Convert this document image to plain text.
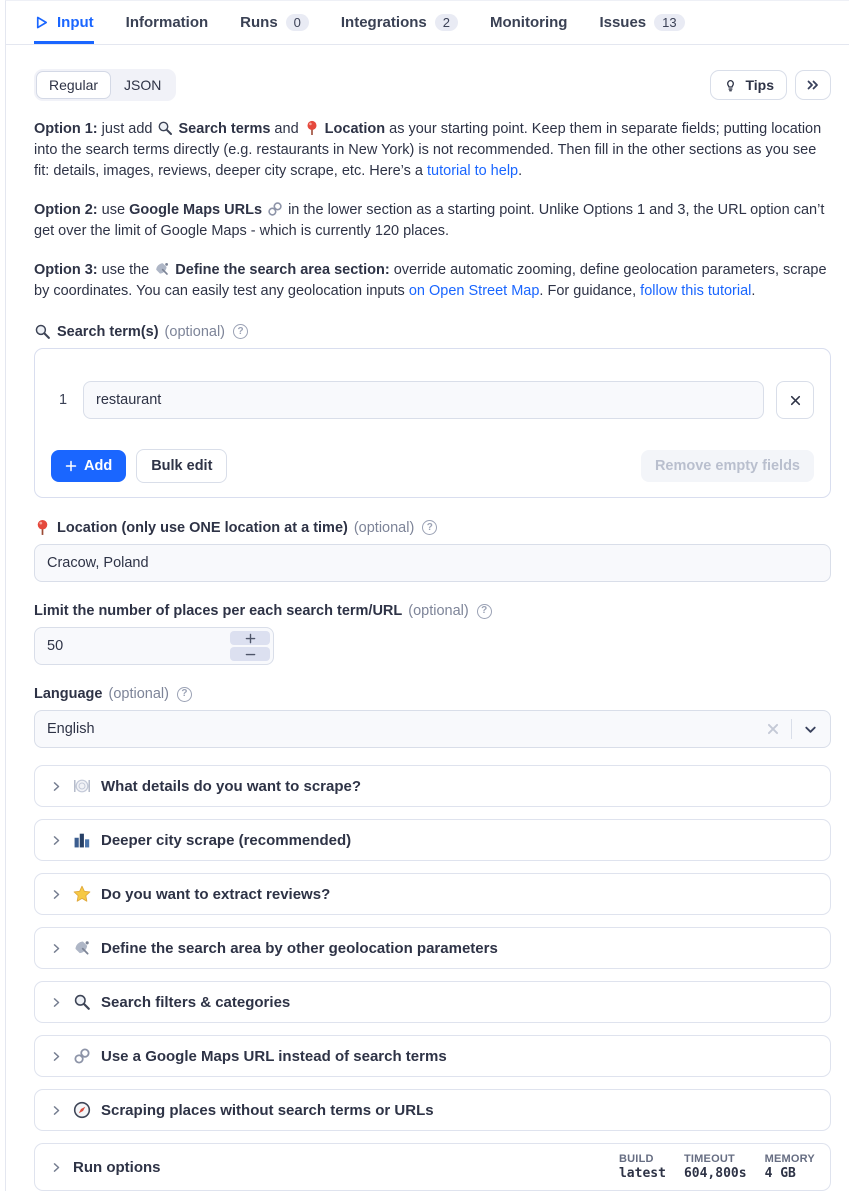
Input Information Runs	0	Integrations	2	Monitoring Issues	13
Regular	JSON	Tips

Option 1: just add
Search terms and
Location as your starting point. Keep them in separate fields; putting location into the search terms directly (e.g. restaurants in New York) is not recommended. Then fill in the other sections as you see fit: details, images, reviews, deeper city scrape, etc. Here’s a tutorial to help.

Option 2: use Google Maps URLs
in the lower section as a starting point. Unlike Options 1 and 3, the URL option can’t get over the limit of Google Maps - which is currently 120 places.

Option 3: use the
Define the search area section: override automatic zooming, define geolocation parameters, scrape by coordinates. You can easily test any geolocation inputs on Open Street Map. For guidance, follow this tutorial.

Search term(s) (optional)	?
1
restaurant
Add	Bulk edit	Remove empty fields
Location (only use ONE location at a time) (optional)	?
Cracow, Poland
Limit the number of places per each search term/URL (optional)	?
50
Language (optional)	?
English
What details do you want to scrape?
Deeper city scrape (recommended)
Do you want to extract reviews?
Define the search area by other geolocation parameters
Search filters & categories
Use a Google Maps URL instead of search terms
Scraping places without search terms or URLs
Run options	BUILD
latest
TIMEOUT
604,800s
MEMORY
4 GB
